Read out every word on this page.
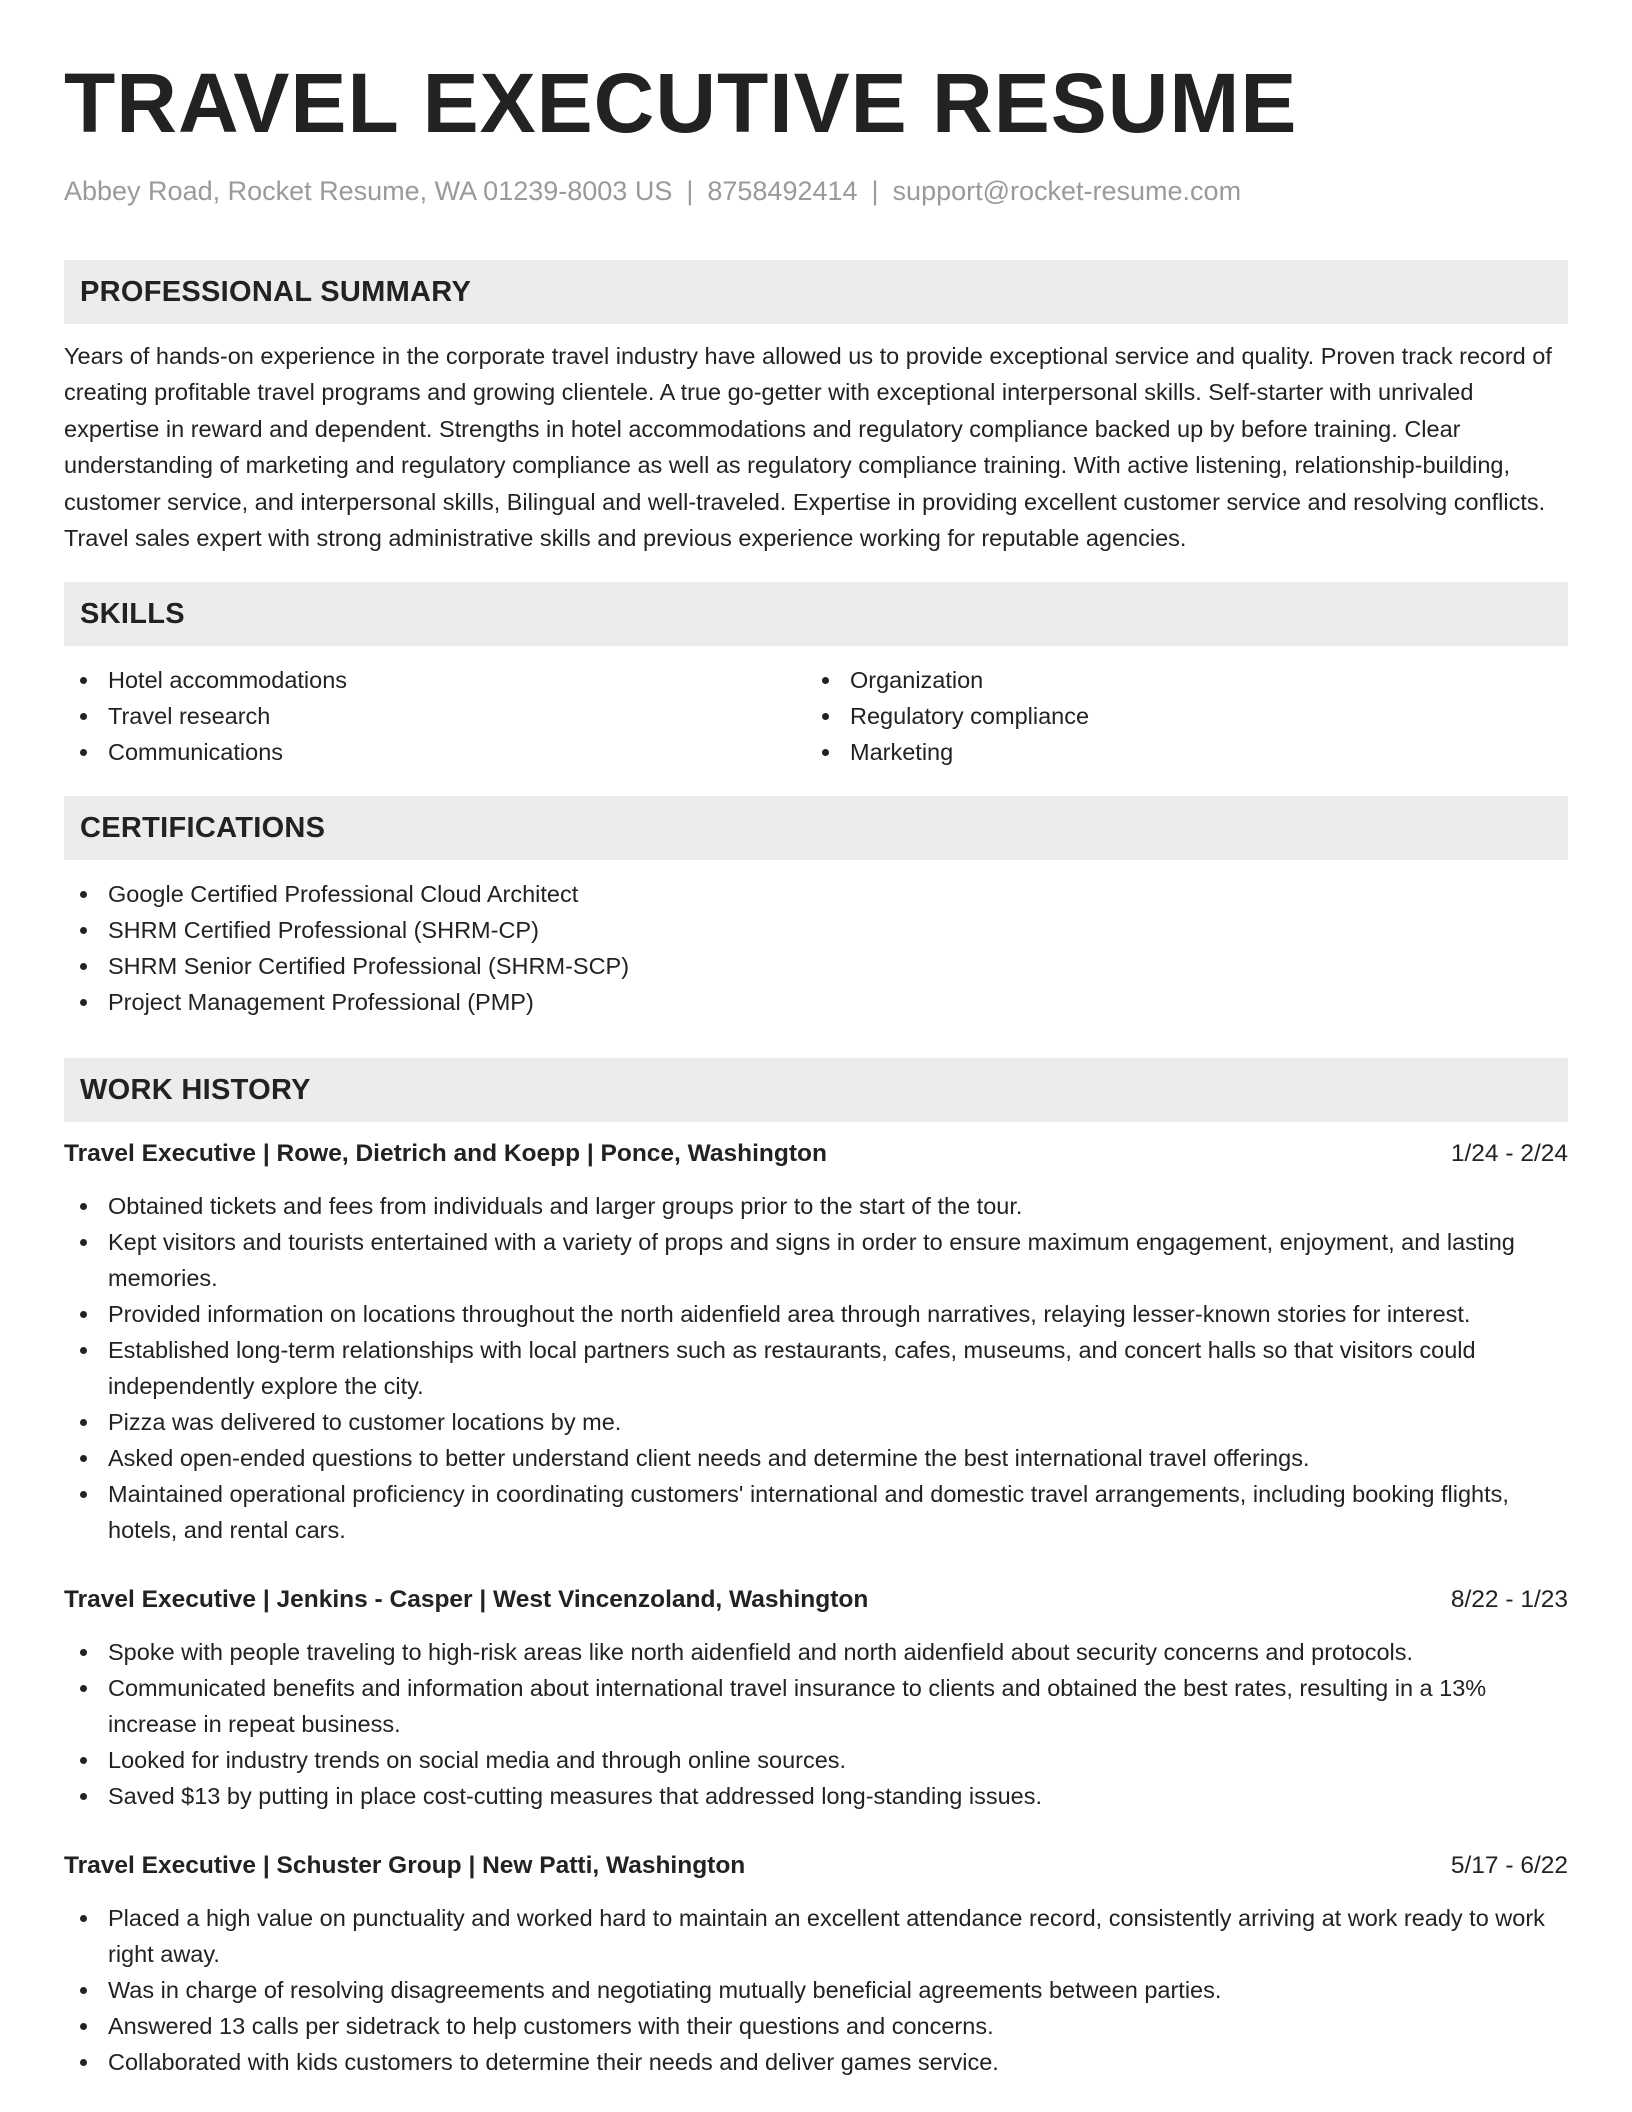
TRAVEL EXECUTIVE RESUME
Abbey Road, Rocket Resume, WA 01239-8003 US | 8758492414 | support@rocket-resume.com
PROFESSIONAL SUMMARY

Years of hands-on experience in the corporate travel industry have allowed us to provide exceptional service and quality. Proven track record of creating profitable travel programs and growing clientele. A true go-getter with exceptional interpersonal skills. Self-starter with unrivaled expertise in reward and dependent. Strengths in hotel accommodations and regulatory compliance backed up by before training. Clear understanding of marketing and regulatory compliance as well as regulatory compliance training. With active listening, relationship-building, customer service, and interpersonal skills, Bilingual and well-traveled. Expertise in providing excellent customer service and resolving conflicts. Travel sales expert with strong administrative skills and previous experience working for reputable agencies.

SKILLS
Hotel accommodations
Travel research
Communications
Organization
Regulatory compliance
Marketing
CERTIFICATIONS
Google Certified Professional Cloud Architect
SHRM Certified Professional (SHRM-CP)
SHRM Senior Certified Professional (SHRM-SCP)
Project Management Professional (PMP)
WORK HISTORY
Travel Executive | Rowe, Dietrich and Koepp | Ponce, Washington	1/24 - 2/24
Obtained tickets and fees from individuals and larger groups prior to the start of the tour.
Kept visitors and tourists entertained with a variety of props and signs in order to ensure maximum engagement, enjoyment, and lasting memories.
Provided information on locations throughout the north aidenfield area through narratives, relaying lesser-known stories for interest.
Established long-term relationships with local partners such as restaurants, cafes, museums, and concert halls so that visitors could independently explore the city.
Pizza was delivered to customer locations by me.
Asked open-ended questions to better understand client needs and determine the best international travel offerings.
Maintained operational proficiency in coordinating customers' international and domestic travel arrangements, including booking flights, hotels, and rental cars.
Travel Executive | Jenkins - Casper | West Vincenzoland, Washington	8/22 - 1/23
Spoke with people traveling to high-risk areas like north aidenfield and north aidenfield about security concerns and protocols.
Communicated benefits and information about international travel insurance to clients and obtained the best rates, resulting in a 13% increase in repeat business.
Looked for industry trends on social media and through online sources.
Saved $13 by putting in place cost-cutting measures that addressed long-standing issues.
Travel Executive | Schuster Group | New Patti, Washington	5/17 - 6/22
Placed a high value on punctuality and worked hard to maintain an excellent attendance record, consistently arriving at work ready to work right away.
Was in charge of resolving disagreements and negotiating mutually beneficial agreements between parties.
Answered 13 calls per sidetrack to help customers with their questions and concerns.
Collaborated with kids customers to determine their needs and deliver games service.
